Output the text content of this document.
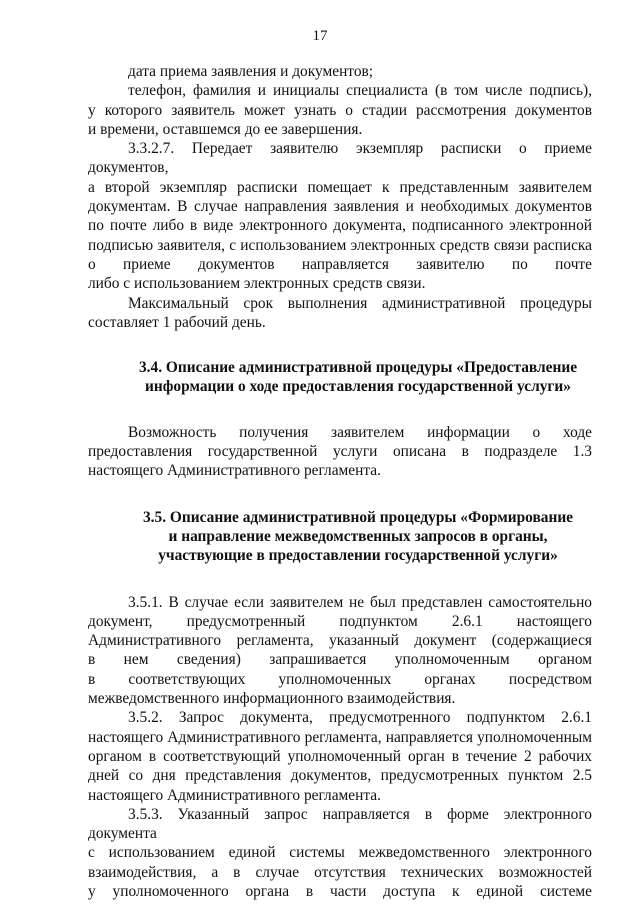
17

дата приема заявления и документов;

телефон, фамилия и инициалы специалиста (в том числе подпись),

у которого заявитель может узнать о стадии рассмотрения документов

и времени, оставшемся до ее завершения.

3.3.2.7. Передает заявителю экземпляр расписки о приеме документов,

а второй экземпляр расписки помещает к представленным заявителем

документам. В случае направления заявления и необходимых документов

по почте либо в виде электронного документа, подписанного электронной

подписью заявителя, с использованием электронных средств связи расписка

о приеме документов направляется заявителю по почте

либо с использованием электронных средств связи.

Максимальный срок выполнения административной процедуры

составляет 1 рабочий день.

3.4. Описание административной процедуры «Предоставление
информации о ходе предоставления государственной услуги»

Возможность получения заявителем информации о ходе

предоставления государственной услуги описана в подразделе 1.3

настоящего Административного регламента.

3.5. Описание административной процедуры «Формирование
и направление межведомственных запросов в органы,
участвующие в предоставлении государственной услуги»

3.5.1. В случае если заявителем не был представлен самостоятельно

документ, предусмотренный подпунктом 2.6.1 настоящего

Административного регламента, указанный документ (содержащиеся

в нем сведения) запрашивается уполномоченным органом

в соответствующих уполномоченных органах посредством

межведомственного информационного взаимодействия.

3.5.2. Запрос документа, предусмотренного подпунктом 2.6.1

настоящего Административного регламента, направляется уполномоченным

органом в соответствующий уполномоченный орган в течение 2 рабочих

дней со дня представления документов, предусмотренных пунктом 2.5

настоящего Административного регламента.

3.5.3. Указанный запрос направляется в форме электронного документа

с использованием единой системы межведомственного электронного

взаимодействия, а в случае отсутствия технических возможностей

у уполномоченного органа в части доступа к единой системе
